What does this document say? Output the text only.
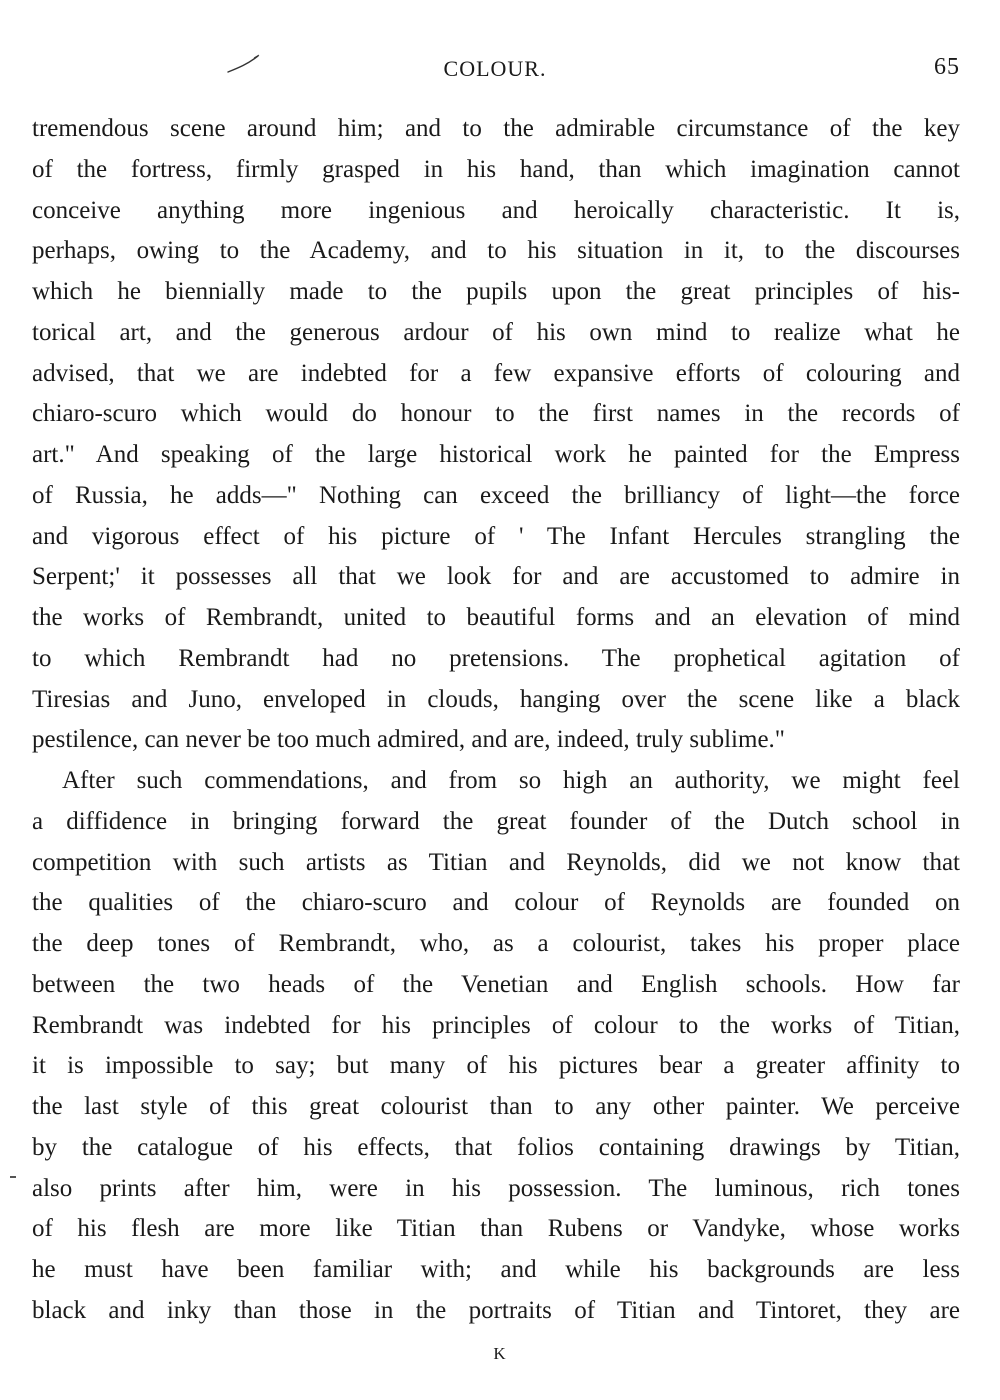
COLOUR.	65
tremendous scene around him; and to the admirable circumstance of the key
of the fortress, firmly grasped in his hand, than which imagination cannot
conceive anything more ingenious and heroically characteristic. It is,
perhaps, owing to the Academy, and to his situation in it, to the discourses
which he biennially made to the pupils upon the great principles of his-
torical art, and the generous ardour of his own mind to realize what he
advised, that we are indebted for a few expansive efforts of colouring and
chiaro-scuro which would do honour to the first names in the records of
art." And speaking of the large historical work he painted for the Empress
of Russia, he adds—" Nothing can exceed the brilliancy of light—the force
and vigorous effect of his picture of ' The Infant Hercules strangling the
Serpent;' it possesses all that we look for and are accustomed to admire in
the works of Rembrandt, united to beautiful forms and an elevation of mind
to which Rembrandt had no pretensions. The prophetical agitation of
Tiresias and Juno, enveloped in clouds, hanging over the scene like a black
pestilence, can never be too much admired, and are, indeed, truly sublime."
After such commendations, and from so high an authority, we might feel
a diffidence in bringing forward the great founder of the Dutch school in
competition with such artists as Titian and Reynolds, did we not know that
the qualities of the chiaro-scuro and colour of Reynolds are founded on
the deep tones of Rembrandt, who, as a colourist, takes his proper place
between the two heads of the Venetian and English schools. How far
Rembrandt was indebted for his principles of colour to the works of Titian,
it is impossible to say; but many of his pictures bear a greater affinity to
the last style of this great colourist than to any other painter. We perceive
by the catalogue of his effects, that folios containing drawings by Titian,
also prints after him, were in his possession. The luminous, rich tones
of his flesh are more like Titian than Rubens or Vandyke, whose works
he must have been familiar with; and while his backgrounds are less
black and inky than those in the portraits of Titian and Tintoret, they are
K
